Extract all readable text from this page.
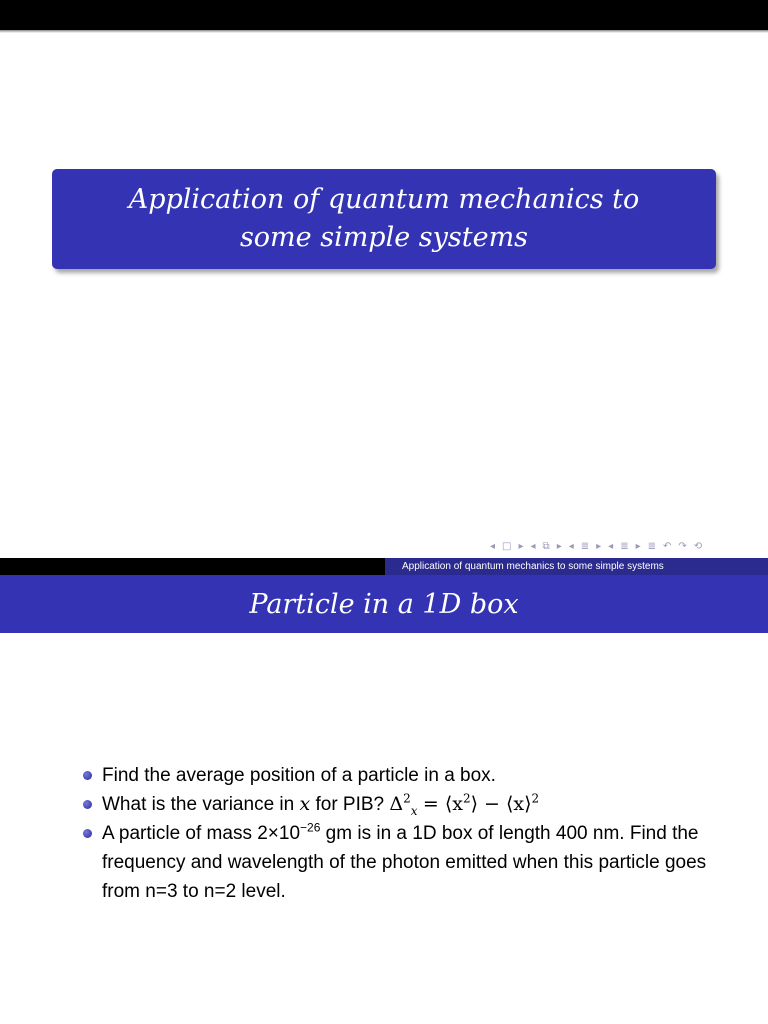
Application of quantum mechanics to
some simple systems
◂ □ ▸ ◂ ⧉ ▸ ◂ ≣ ▸ ◂ ≣ ▸ ≣ ↶ ↷ ⟲
Application of quantum mechanics to some simple systems
Particle in a 1D box
Find the average position of a particle in a box.
What is the variance in x for PIB? $\Delta^2_x$ = $⟨x^2⟩$ − ⟨x⟩$^2$
A particle of mass $2\times 10^{-26}$ gm is in a 1D box of length 400 nm. Find the frequency and wavelength of the photon emitted when this particle goes from n=3 to n=2 level.
